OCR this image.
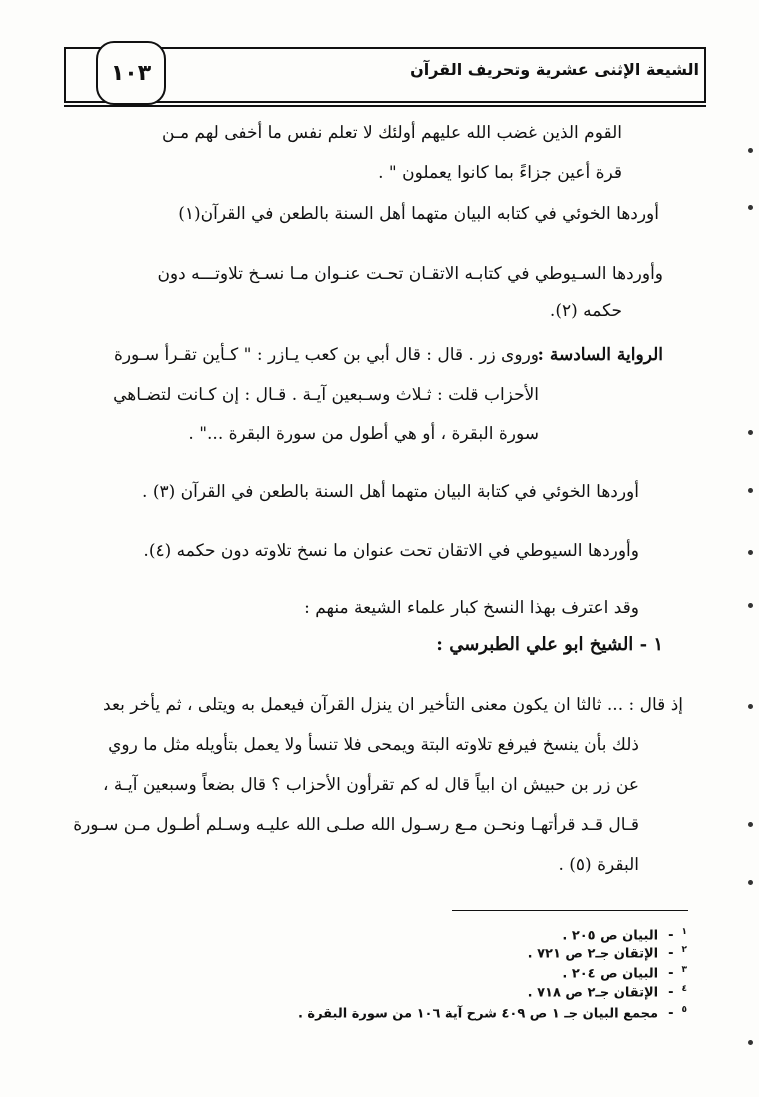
١٠٣	الشيعة الإثنى عشرية وتحريف القرآن
القوم الذين غضب الله عليهم أولئك لا تعلم نفس ما أخفى لهم مـن
قرة أعين جزاءً بما كانوا يعملون " .
أوردها الخوئي في كتابه البيان متهما أهل السنة بالطعن في القرآن(١)
وأوردها السـيوطي في كتابـه الاتقـان تحـت عنـوان مـا نسـخ تلاوتـــه دون
حكمه (٢).
الرواية السادسة :
وروى زر . قال : قال أبي بن كعب يـازر : " كـأين تقـرأ سـورة
الأحزاب قلت : ثـلاث وسـبعين آيـة . قـال : إن كـانت لتضـاهي
سورة البقرة ، أو هي أطول من سورة البقرة ..." .
أوردها الخوئي في كتابة البيان متهما أهل السنة بالطعن في القرآن (٣) .
وأوردها السيوطي في الاتقان تحت عنوان ما نسخ تلاوته دون حكمه (٤).
وقد اعترف بهذا النسخ كبار علماء الشيعة منهم :
١ - الشيخ ابو علي الطبرسي :
إذ قال : ... ثالثا ان يكون معنى التأخير ان ينزل القرآن فيعمل به ويتلى ، ثم يأخر بعد
ذلك بأن ينسخ فيرفع تلاوته البتة ويمحى فلا تنسأ ولا يعمل بتأويله مثل ما روي
عن زر بن حبيش ان ابياً قال له كم تقرأون الأحزاب ؟ قال بضعاً وسبعين آيـة ،
قـال قـد قرأتهـا ونحـن مـع رسـول الله صلـى الله عليـه وسـلم أطـول مـن سـورة
البقرة (٥) .
$^١$-البيان ص ٢٠٥ .
$^٢$-الإتقان جـ٢ ص ٧٢١ .
$^٣$-البيان ص ٢٠٤ .
$^٤$-الإتقان جـ٢ ص ٧١٨ .
$^٥$-مجمع البيان جـ ١ ص ٤٠٩ شرح آية ١٠٦ من سورة البقرة .
